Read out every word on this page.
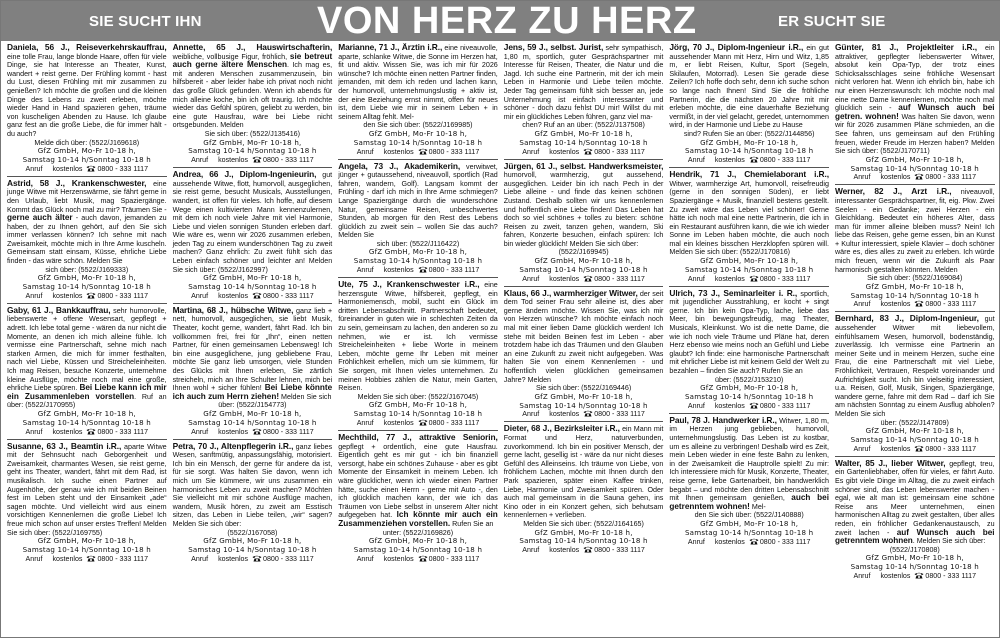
SIE SUCHT IHN	VON HERZ ZU HERZ	ER SUCHT SIE
Daniela, 56 J., Reiseverkehrskauffrau, eine tolle Frau, lange blonde Haare, offen für viele Dinge, sie hat Interesse an Theater, Kunst, wandert + reist gerne. Der Frühling kommt - hast du Lust, diesen Frühling mit mir zusammen zu genießen? Ich möchte die großen und die kleinen Dinge des Lebens zu zweit erleben, möchte wieder Hand in Hand spazieren gehen, träume von kuscheligen Abenden zu Hause. Ich glaube ganz fest an die große Liebe, die für immer hält - du auch?
Melde dich über: (5522/J169618)
GfZ GmbH, Mo-Fr 10-18 h,
Samstag 10-14 h/Sonntag 10-18 h
Anruf kostenlos 0800 - 333 1117
Astrid, 58 J., Krankenschwester, eine junge Witwe mit Herzenswärme, sie fährt gerne in den Urlaub, liebt Musik, mag Spaziergänge. Kommt das Glück noch mal zu mir? Träumen Sie - gerne auch älter - auch davon, jemanden zu haben, der zu Ihnen gehört, auf den Sie sich immer verlassen können? Ich sehne mit nach Zweisamkeit, möchte mich in Ihre Arme kuscheln. Gemeinsam statt einsam, Küsse, ehrliche Liebe finden - das wäre schön. Melden Sie
sich über: (5522/J169333)
GfZ GmbH, Mo-Fr 10-18 h,
Samstag 10-14 h/Sonntag 10-18 h
Anruf kostenlos 0800 - 333 1117
Gaby, 61 J., Bankkauffrau, sehr humorvolle, liebenswerte + offene Wesensart, gepflegt + adrett. Ich lebe total gerne - wären da nur nicht die Momente, an denen ich mich alleine fühle. Ich vermisse eine Partnerschaft, sehne mich nach starken Armen, die mich für immer festhalten, nach viel Liebe, Küssen und Streicheleinheiten. Ich mag Reisen, besuche Konzerte, unternehme kleine Ausflüge, möchte noch mal eine große, ehrliche Liebe spüren. Bei Liebe kann ich mir ein Zusammenleben vorstellen. Ruf an über: (5522/J170955)
GfZ GmbH, Mo-Fr 10-18 h,
Samstag 10-14 h/Sonntag 10-18 h
Anruf kostenlos 0800 - 333 1117
Susanne, 63 J., Beamtin i.R., aparte Witwe mit der Sehnsucht nach Geborgenheit und Zweisamkeit, charmantes Wesen, sie reist gerne, geht ins Theater, wandert, fährt mit dem Rad, ist musikalisch. Ich suche einen Partner auf Augenhöhe, der genau wie ich mit beiden Beinen fest im Leben steht und der Einsamkeit „ade“ sagen möchte. Und vielleicht wird aus einem vorsichtigen Kennenlernen die große Liebe! Ich freue mich schon auf unser erstes Treffen! Melden Sie sich über: (5522/J169755)
GfZ GmbH, Mo-Fr 10-18 h,
Samstag 10-14 h/Sonntag 10-18 h
Anruf kostenlos 0800 - 333 1117
Annette, 65 J., Hauswirtschafterin, weibliche, vollbusige Figur, fröhlich, sie betreut auch gerne ältere Menschen. Ich mag es, mit anderen Menschen zusammenzusein, bin hilfsbereit - aber leider habe ich privat noch nicht das große Glück gefunden. Wenn ich abends für mich alleine koche, bin ich oft traurig. Ich möchte wieder das Gefühl spüren, geliebt zu werden, bin eine gute Hausfrau, wäre bei Liebe nicht ortsgebunden. Melden
Sie sich über: (5522/J135416)
GfZ GmbH, Mo-Fr 10-18 h,
Samstag 10-14 h/Sonntag 10-18 h
Anruf kostenlos 0800 - 333 1117
Andrea, 66 J., Diplom-Ingenieurin, gut aussehende Witwe, flott, humorvoll, ausgeglichen, sie reist gerne, besucht Musicals, Ausstellungen, wandert, ist offen für vieles. Ich hoffe, auf diesem Wege einen kultivierten Mann kennenzulernen, mit dem ich noch viele Jahre mit viel Harmonie, Liebe und vielen sonnigen Stunden erleben darf. Wie wäre es, wenn wir 2026 zusammen erleben, jeden Tag zu einem wunderschönen Tag zu zweit machen? Ganz ehrlich: Zu zweit fühlt sich das Leben einfach schöner und leichter an! Melden Sie sich über: (5522/J162997)
GfZ GmbH, Mo-Fr 10-18 h,
Samstag 10-14 h/Sonntag 10-18 h
Anruf kostenlos 0800 - 333 1117
Martina, 68 J., hübsche Witwe, ganz lieb + nett, humorvoll, ausgeglichen, sie liebt Musik, Theater, kocht gerne, wandert, fährt Rad. Ich bin vollkommen frei, frei für „Ihn“, einen netten Partner, für einen gemeinsamen Lebensweg! Ich bin eine ausgeglichene, jung gebliebene Frau, möchte Sie ganz lieb umsorgen, viele Stunden des Glücks mit Ihnen erleben, Sie zärtlich streicheln, mich an Ihre Schulter lehnen, mich bei Ihnen wohl + sicher fühlen! Bei Liebe könnte ich auch zum Herrn ziehen! Melden Sie sich
über: (5522/J154773)
GfZ GmbH, Mo-Fr 10-18 h,
Samstag 10-14 h/Sonntag 10-18 h
Anruf kostenlos 0800 - 333 1117
Petra, 70 J., Altenpflegerin i.R., ganz liebes Wesen, sanftmütig, anpassungsfähig, motorisiert. Ich bin ein Mensch, der gerne für andere da ist, für sie sorgt. Was halten Sie davon, wenn ich mich um Sie kümmere, wir uns zusammen ein harmonisches Leben zu zweit machen? Möchten Sie vielleicht mit mir schöne Ausflüge machen, wandern, Musik hören, zu zweit am Esstisch sitzen, das Leben in Liebe teilen, „wir“ sagen? Melden Sie sich über:
(5522/J167058)
GfZ GmbH, Mo-Fr 10-18 h,
Samstag 10-14 h/Sonntag 10-18 h
Anruf kostenlos 0800 - 333 1117
Marianne, 71 J., Ärztin i.R., eine niveauvolle, aparte, schlanke Witwe, die Sonne im Herzen hat, fit und aktiv. Wissen Sie, was ich mir für 2026 wünsche? Ich möchte einen netten Partner finden, jemanden, mit dem ich reden und lachen kann, der humorvoll, unternehmungslustig + aktiv ist, der eine Beziehung ernst nimmt, offen für neues ist, dem Liebe wie mir in seinem Leben + in seinem Alltag fehlt. Mel-
den Sie sich über: (5522/J169985)
GfZ GmbH, Mo-Fr 10-18 h,
Samstag 10-14 h/Sonntag 10-18 h
Anruf kostenlos 0800 - 333 1117
Angela, 73 J., Akademikerin, verwitwet, jünger + gutaussehend, niveauvoll, sportlich (Rad fahren, wandern, Golf). Langsam kommt der Frühling - darf ich mich in Ihre Arme schmiegen? Lange Spaziergänge durch die wunderschöne Natur, gemeinsame Reisen, unbeschwertes Stunden, ab morgen für den Rest des Lebens glücklich zu zweit sein – wollen Sie das auch? Melden Sie
sich über: (5522/J116422)
GfZ GmbH, Mo-Fr 10-18 h,
Samstag 10-14 h/Sonntag 10-18 h
Anruf kostenlos 0800 - 333 1117
Ute, 75 J., Krankenschwester i.R., eine herzensgute Witwe, hilfsbereit, gepflegt, ein Harmoniemensch, mobil, sucht ein Glück im dritten Lebensabschnitt. Partnerschaft bedeutet, füreinander in guten wie in schlechten Zeiten da zu sein, gemeinsam zu lachen, den anderen so zu nehmen, wie er ist. Ich vermisse Streicheleinheiten + liebe Worte in meinem Leben, möchte gerne Ihr Leben mit meiner Fröhlichkeit erhellen, mich um sie kümmern, für Sie sorgen, mit Ihnen vieles unternehmen. Zu meinen Hobbies zählen die Natur, mein Garten, Reisen.
Melden Sie sich über: (5522/J167045)
GfZ GmbH, Mo-Fr 10-18 h,
Samstag 10-14 h/Sonntag 10-18 h
Anruf kostenlos 0800 - 333 1117
Mechthild, 77 J., attraktive Seniorin, gepflegt + ordentlich, eine gute Hausfrau. Eigentlich geht es mir gut - ich bin finanziell versorgt, habe ein schönes Zuhause - aber es gibt Momente der Einsamkeit in meinem Leben. Ich wäre glücklicher, wenn ich wieder einen Partner hätte, suche einen Herrn - gerne mit Auto -, den ich glücklich machen kann, der wie ich das Träumen von Liebe selbst in unserem Alter nicht aufgegeben hat. Ich könnte mir auch ein Zusammenziehen vorstellen. Rufen Sie an
unter: (5522/J169826)
GfZ GmbH, Mo-Fr 10-18 h,
Samstag 10-14 h/Sonntag 10-18 h
Anruf kostenlos 0800 - 333 1117
Jens, 59 J., selbst. Jurist, sehr sympathisch, 1,80 m, sportlich, guter Gesprächspartner mit Interesse für Reisen, Theater, die Natur und die Jagd. Ich suche eine Partnerin, mit der ich mein Leben in Harmonie und Liebe teilen möchte. Jeder Tag gemeinsam fühlt sich besser an, jede Unternehmung ist einfach interessanter und schöner - doch dazu fehlst DU mir! Willst du mit mir ein glückliches Leben führen, ganz viel ma-
chen? Ruf an an über: (5522/J137508)
GfZ GmbH, Mo-Fr 10-18 h,
Samstag 10-14 h/Sonntag 10-18 h
Anruf kostenlos 0800 - 333 1117
Jürgen, 61 J., selbst. Handwerksmeister, humorvoll, warmherzig, gut aussehend, ausgeglichen. Leider bin ich nach Pech in der Liebe alleine - und finde das keinen schönen Zustand. Deshalb sollten wir uns kennenlernen und hoffentlich eine Liebe finden! Das Leben hat doch so viel schönes + tolles zu bieten: schöne Reisen zu zweit, tanzen gehen, wandern, Ski fahren, Konzerte besuchen, einfach spüren: Ich bin wieder glücklich! Melden Sie sich über:
(5522/J169945)
GfZ GmbH, Mo-Fr 10-18 h,
Samstag 10-14 h/Sonntag 10-18 h
Anruf kostenlos 0800 - 333 1117
Klaus, 66 J., warmherziger Witwer, der seit dem Tod seiner Frau sehr alleine ist, dies aber gerne ändern möchte. Wissen Sie, was ich mir von Herzen wünsche? Ich möchte einfach noch mal mit einer lieben Dame glücklich werden! Ich stehe mit beiden Beinen fest im Leben - aber trotzdem habe ich das Träumen und den Glauben an eine Zukunft zu zweit nicht aufgegeben. Was halten Sie von einem Kennenlernen - und hoffentlich vielen glücklichen gemeinsamen Jahre? Melden
Sie sich über: (5522/J169446)
GfZ GmbH, Mo-Fr 10-18 h,
Samstag 10-14 h/Sonntag 10-18 h
Anruf kostenlos 0800 - 333 1117
Dieter, 68 J., Bezirksleiter i.R., ein Mann mit Format und Herz, naturverbunden, zuvorkommend. Ich bin ein positiver Mensch, der gerne lacht, gesellig ist - wäre da nur nicht dieses Gefühl des Alleinseins. Ich träume von Liebe, von fröhlichem Lachen, möchte mit Ihnen durch den Park spazieren, später einen Kaffee trinken, Liebe, Harmonie und Zweisamkeit spüren. Oder auch mal gemeinsam in die Sauna gehen, ins Kino oder in ein Konzert gehen, sich behutsam kennenlernen + verlieben.
Melden Sie sich über: (5522/J164165)
GfZ GmbH, Mo-Fr 10-18 h,
Samstag 10-14 h/Sonntag 10-18 h
Anruf kostenlos 0800 - 333 1117
Jörg, 70 J., Diplom-Ingenieur i.R., ein gut aussehender Mann mit Herz, Hirn und Witz, 1,85 m, er liebt Reisen, Kultur, Sport (Segeln, Skilaufen, Motorrad). Lesen Sie gerade diese Zeilen? Ich hoffe doch sehr, denn ich suche schon so lange nach Ihnen! Sind Sie die fröhliche Partnerin, die die nächsten 20 Jahre mit mir erleben möchte, die eine dauerhafte Beziehung vermißt, in der viel gelacht, geredet, unternommen wird, in der Harmonie und Liebe zu Hause
sind? Rufen Sie an über: (5522/J144856)
GfZ GmbH, Mo-Fr 10-18 h,
Samstag 10-14 h/Sonntag 10-18 h
Anruf kostenlos 0800 - 333 1117
Hendrik, 71 J., Chemielaborant i.R., Witwer, warmherzige Art, humorvoll, reisefreudig (gerne in den sonnigen Süden), er liebt Spaziergänge + Musik, finanziell bestens gestellt. Zu zweit wäre das Leben viel schöner! Gerne hätte ich noch mal eine nette Partnerin, die ich in ein Restaurant ausführen kann, die wie ich wieder Sonne im Leben haben möchte, die auch noch mal ein kleines bisschen Herzklopfen spüren will. Melden Sie sich über: (5522/J170816)
GfZ GmbH, Mo-Fr 10-18 h,
Samstag 10-14 h/Sonntag 10-18 h
Anruf kostenlos 0800 - 333 1117
Ulrich, 73 J., Seminarleiter i. R., sportlich, mit jugendlicher Ausstrahlung, er kocht + singt gerne. Ich bin kein Opa-Typ, lache, liebe das Meer, bin bewegungsfreudig, mag Theater, Musicals, Kleinkunst. Wo ist die nette Dame, die wie ich noch viele Träume und Pläne hat, deren Herz ebenso wie meins noch an Gefühl und Liebe glaubt? Ich finde: eine harmonische Partnerschaft mit ehrlicher Liebe ist mit keinem Geld der Welt zu bezahlen – finden Sie auch? Rufen Sie an
über: (5522/J153210)
GfZ GmbH, Mo-Fr 10-18 h,
Samstag 10-14 h/Sonntag 10-18 h
Anruf kostenlos 0800 - 333 1117
Paul, 78 J. Handwerker i.R., Witwer, 1,80 m, im Herzen jung geblieben, humorvoll, unternehmungslustig. Das Leben ist zu kostbar, um es alleine zu verbringen! Deshalb wird es Zeit, mein Leben wieder in eine feste Bahn zu lenken, in der Zweisamkeit die Hauptrolle spielt! Zu mir: Ich interessiere mich für Musik, Konzerte, Theater, reise gerne, liebe Gartenarbeit, bin handwerklich begabt – und möchte den dritten Lebensabschnitt mit Ihnen gemeinsam genießen, auch bei getrenntem wohnen! Mel-
den Sie sich über: (5522/J140888)
GfZ GmbH, Mo-Fr 10-18 h,
Samstag 10-14 h/Sonntag 10-18 h
Anruf kostenlos 0800 - 333 1117
Günter, 81 J., Projektleiter i.R., ein attraktiver, gepflegter liebenswerter Witwer, absolut kein Opa-Typ, der trotz eines Schicksalsschlages seine fröhliche Wesensart nicht verloren hat. Wenn ich ehrlich bin, habe ich nur einen Herzenswunsch: Ich möchte noch mal eine nette Dame kennenlernen, möchte noch mal glücklich sein - auf Wunsch auch bei getren. wohnen! Was halten Sie davon, wenn wir für 2026 zusammen Pläne schmieden, an die See fahren, uns gemeinsam auf den Frühling freuen, wieder Freude im Herzen haben? Melden Sie sich über: (5522/J170711)
GfZ GmbH, Mo-Fr 10-18 h,
Samstag 10-14 h/Sonntag 10-18 h
Anruf kostenlos 0800 - 333 1117
Werner, 82 J., Arzt i.R., niveauvoll, interessanter Gesprächspartner, fit, eig. Pkw. Zwei Seelen - ein Gedanke; zwei Herzen - ein Gleichklang. Bedeutet ein höheres Alter, dass man für immer alleine bleiben muss? Nein! Ich liebe das Reisen, gehe gerne essen, bin an Kunst + Kultur interessiert, spiele Klavier – doch schöner wäre es, dies alles zu zweit zu erleben. Ich würde mich freuen, wenn wir die Zukunft als Paar harmonisch gestalten könnten. Melden
Sie sich über: (5522/J169084)
GfZ GmbH, Mo-Fr 10-18 h,
Samstag 10-14 h/Sonntag 10-18 h
Anruf kostenlos 0800 - 333 1117
Bernhard, 83 J., Diplom-Ingenieur, gut aussehender Witwer mit liebevollem, einfühlsamem Wesen, humorvoll, bodenständig, zuverlässig. Ich vermisse eine Partnerin an meiner Seite und in meinem Herzen, suche eine Frau, die eine Partnerschaft mit viel Liebe, Fröhlichkeit, Vertrauen, Respekt voreinander und Aufrichtigkeit sucht. Ich bin vielseitig interessiert, u.a. Reisen, Golf, Musik, Singen, Spaziergänge, wandere gerne, fahre mit dem Rad – darf ich Sie am nächsten Sonntag zu einem Ausflug abholen? Melden Sie sich
über: (5522/J147809)
GfZ GmbH, Mo-Fr 10-18 h,
Samstag 10-14 h/Sonntag 10-18 h
Anruf kostenlos 0800 - 333 1117
Walter, 85 J., lieber Witwer, gepflegt, treu, ein Gartenliebhaber, offen für vieles, er fährt Auto. Es gibt viele Dinge im Alltag, die zu zweit einfach schöner sind, das Leben lebenswerter machen - egal, wie alt man ist: gemeinsam eine schöne Reise ans Meer unternehmen, einen harmonischen Alltag zu zweit gestalten, über alles reden, ein fröhlicher Gedankenaustausch, zu zweit lachen - auf Wunsch auch bei getrenntem wohnen. Melden Sie sich über:
(5522/J170808)
GfZ GmbH, Mo-Fr 10-18 h,
Samstag 10-14 h/Sonntag 10-18 h
Anruf kostenlos 0800 - 333 1117
